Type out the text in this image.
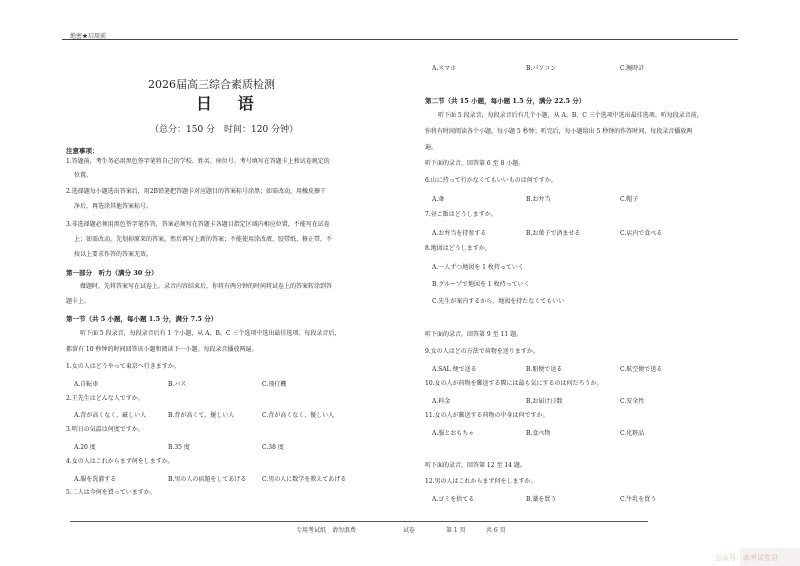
绝密★启用前
2026届高三综合素质检测
日 语
（总分：150 分　时间：120 分钟）
注意事项：
1.答题前，考生务必用黑色签字笔将自己的学校、姓名、座位号、考号填写在答题卡上和试卷规定的
位置。
2.选择题每小题选出答案后，用2B铅笔把答题卡对应题目的答案标号涂黑；如需改动，用橡皮擦干
净后，再选涂其他答案标号。
3.非选择题必须用黑色签字笔作答，答案必须写在答题卡各题目指定区域内相应位置，不能写在试卷
上；如需改动，先划掉原来的答案，然后再写上新的答案；不能使用涂改液、胶带纸、修正带，不
按以上要求作答的答案无效。
第一部分　听力（满分 30 分）
做题时，先将答案写在试卷上。录音内容结束后，你将有两分钟的时间将试卷上的答案转涂到答
题卡上。
第一节（共 5 小题，每小题 1.5 分，满分 7.5 分）
听下面 5 段录音，每段录音后有 1 个小题，从 A、B、C 三个选项中选出最佳选项。每段录音后，
都留有 10 秒钟的时间回答该小题和阅读下一小题。每段录音播放两遍。
1.女の人はどうやって東京へ行きますか。
A.自転車	B.バス	C.飛行機
2.王先生はどんな人ですか。
A.背が高くなく、厳しい人	B.背が高くて、優しい人	C.背が高くなく、優しい人
3.明日の気温は何度ですか。
A.20 度	B.35 度	C.38 度
4.女の人はこれからまず何をしますか。
A.服を洗濯する	B.男の人の宿題をしてあげる	C.男の人に数学を教えてあげる
5.二人は今何を買っていますか。
A.スマホ	B.パソコン	C.腕時計
第二节（共 15 小题，每小题 1.5 分，满分 22.5 分）
听下面 5 段录音，每段录音后有几个小题，从 A、B、C 三个选项中选出最佳选项。听每段录音前，
你将有时间阅读各个小题，每小题 5 秒钟；听完后，每小题给出 5 秒钟的作答时间，每段录音播放两
遍。
听下面的录音，回答第 6 至 8 小题。
6.山に持って行かなくてもいいものは何ですか。
A.傘	B.お弁当	C.帽子
7.昼ご飯はどうしますか。
A.お弁当を持参する	B.お菓子で済ませる	C.店内で食べる
8.地図はどうしますか。
A.一人ずつ地図を 1 枚持っていく
B.グループで地図を 1 枚持っていく
C.先生が案内するから、地図を持たなくてもいい
听下面的录音，回答第 9 至 11 题。
9.女の人はどの方法で荷物を送りますか。
A.SAL 便で送る	B.船便で送る	C.航空便で送る
10.女の人が荷物を郵送する際には最も気にするのは何だろうか。
A.料金	B.お届け日数	C.安全性
11.女の人が郵送する荷物の中身は何ですか。
A.服とおもちゃ	B.食べ物	C.化粧品
听下面的录音，回答第 12 至 14 题。
12.男の人はこれからまず何をしますか。
A.ゴミを捨てる	B.薬を買う	C.牛乳を買う
专用考试纸　请勿浪费	试卷	第 1 页	共 6 页
公众号：高考试卷君
